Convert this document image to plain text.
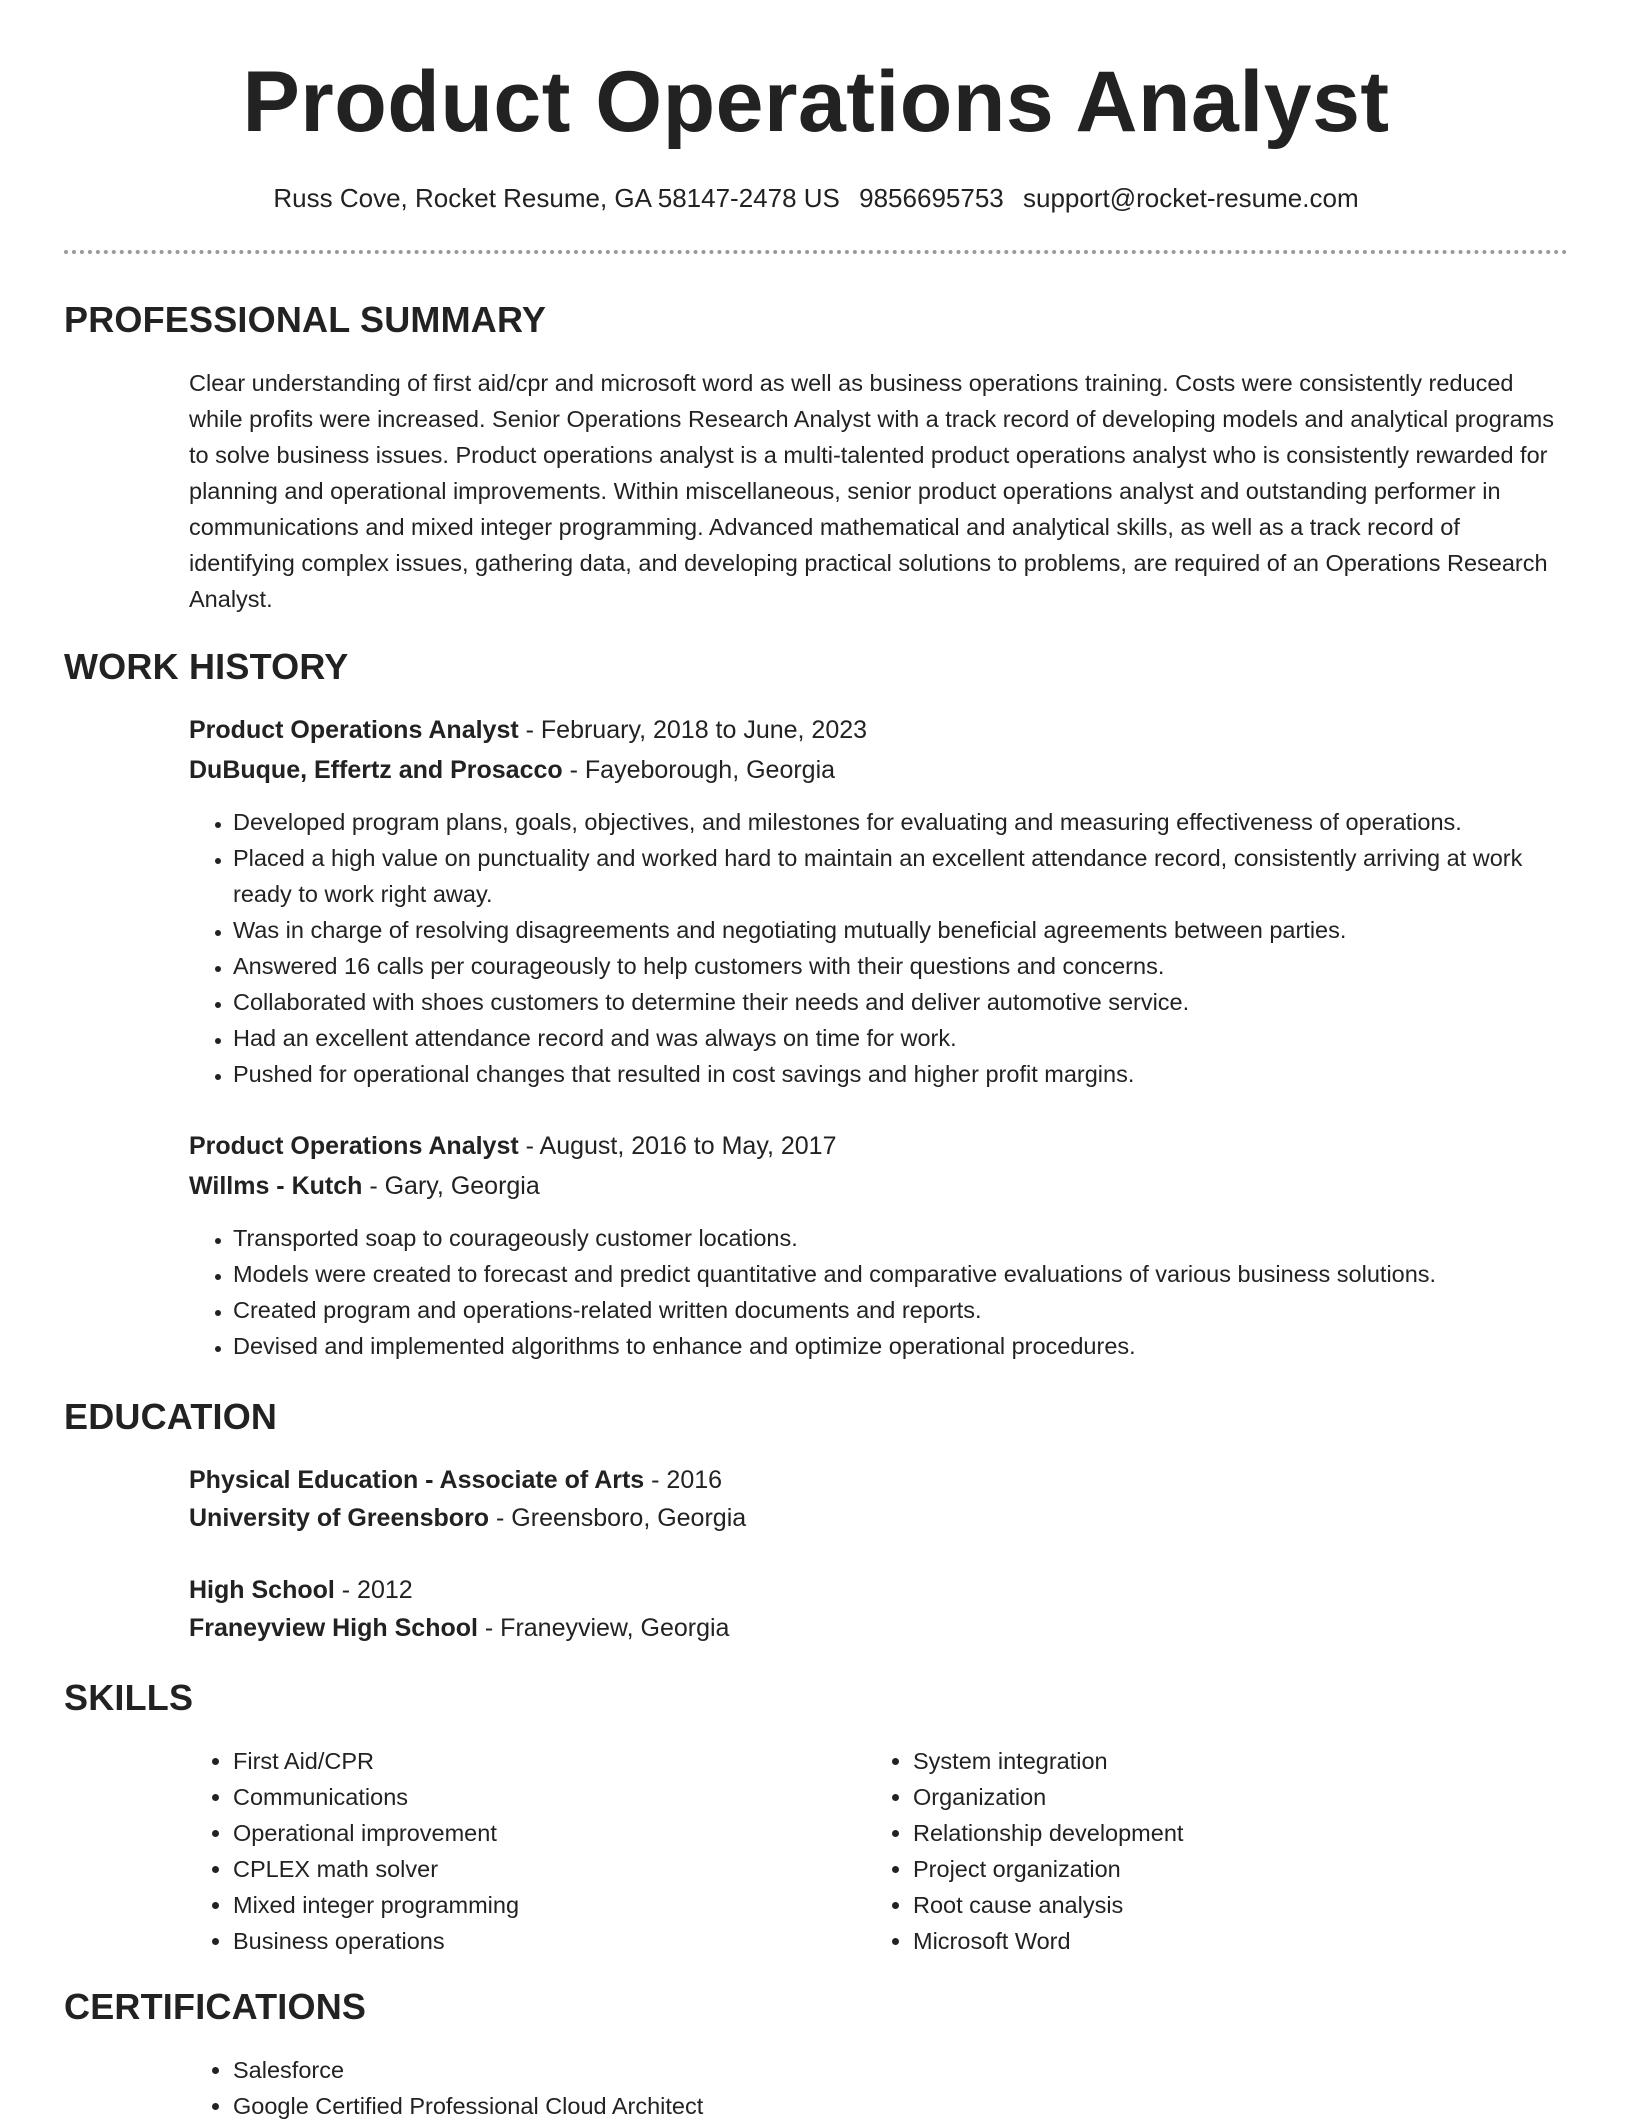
Product Operations Analyst
Russ Cove, Rocket Resume, GA 58147-2478 US 9856695753 support@rocket-resume.com
PROFESSIONAL SUMMARY

Clear understanding of first aid/cpr and microsoft word as well as business operations training. Costs were consistently reduced while profits were increased. Senior Operations Research Analyst with a track record of developing models and analytical programs to solve business issues. Product operations analyst is a multi-talented product operations analyst who is consistently rewarded for planning and operational improvements. Within miscellaneous, senior product operations analyst and outstanding performer in communications and mixed integer programming. Advanced mathematical and analytical skills, as well as a track record of identifying complex issues, gathering data, and developing practical solutions to problems, are required of an Operations Research Analyst.

WORK HISTORY
Product Operations Analyst - February, 2018 to June, 2023
DuBuque, Effertz and Prosacco - Fayeborough, Georgia
• Developed program plans, goals, objectives, and milestones for evaluating and measuring effectiveness of operations.
• Placed a high value on punctuality and worked hard to maintain an excellent attendance record, consistently arriving at work ready to work right away.
• Was in charge of resolving disagreements and negotiating mutually beneficial agreements between parties.
• Answered 16 calls per courageously to help customers with their questions and concerns.
• Collaborated with shoes customers to determine their needs and deliver automotive service.
• Had an excellent attendance record and was always on time for work.
• Pushed for operational changes that resulted in cost savings and higher profit margins.
Product Operations Analyst - August, 2016 to May, 2017
Willms - Kutch - Gary, Georgia
• Transported soap to courageously customer locations.
• Models were created to forecast and predict quantitative and comparative evaluations of various business solutions.
• Created program and operations-related written documents and reports.
• Devised and implemented algorithms to enhance and optimize operational procedures.
EDUCATION
Physical Education - Associate of Arts - 2016
University of Greensboro - Greensboro, Georgia
High School - 2012
Franeyview High School - Franeyview, Georgia
SKILLS
• First Aid/CPR
• Communications
• Operational improvement
• CPLEX math solver
• Mixed integer programming
• Business operations
• System integration
• Organization
• Relationship development
• Project organization
• Root cause analysis
• Microsoft Word
CERTIFICATIONS
• Salesforce
• Google Certified Professional Cloud Architect
